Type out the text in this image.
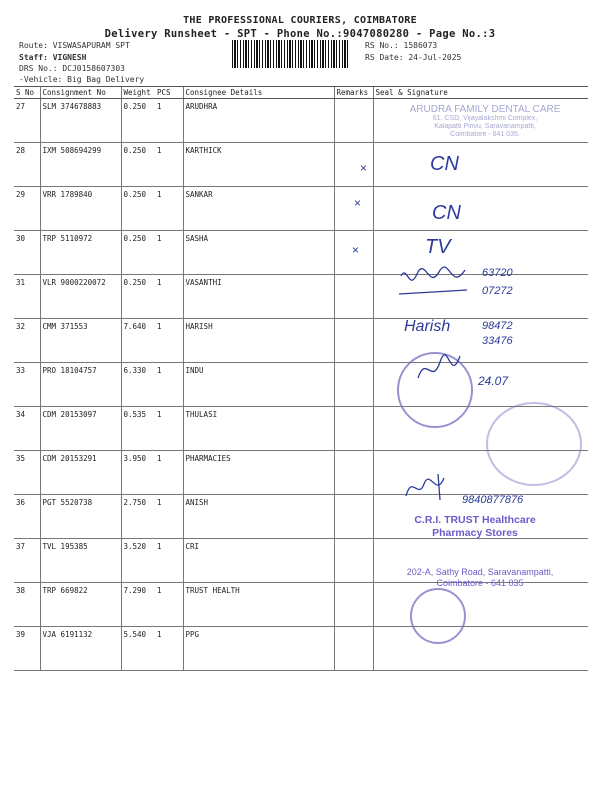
THE PROFESSIONAL COURIERS, COIMBATORE
Delivery Runsheet - SPT - Phone No.:9047080280 - Page No.:3
Route: VISWASAPURAM SPT
Staff: VIGNESH
DRS No.: DCJ0158607303
-Vehicle: Big Bag Delivery
RS No.: 1586073
RS Date: 24-Jul-2025
S No	Consignment No	Weight	PCS	Consignee Details	Remarks	Seal & Signature
27	SLM 374678883	0.250	1	ARUDHRA		
28	IXM 508694299	0.250	1	KARTHICK		
29	VRR 1789840	0.250	1	SANKAR		
30	TRP 5110972	0.250	1	SASHA		
31	VLR 9000220072	0.250	1	VASANTHI		
32	CMM 371553	7.640	1	HARISH		
33	PRO 18104757	6.330	1	INDU		
34	CDM 20153097	0.535	1	THULASI		
35	CDM 20153291	3.950	1	PHARMACIES		
36	PGT 5520738	2.750	1	ANISH		
37	TVL 195385	3.520	1	CRI		
38	TRP 669822	7.290	1	TRUST HEALTH		
39	VJA 6191132	5.540	1	PPG		
ARUDRA FAMILY DENTAL CARE
61, CSD, Vijayalakshmi Complex,
Kalapatti Pirivu, Saravanampatti,
Coimbatore - 641 035.
C.R.I. TRUST Healthcare
Pharmacy Stores
202-A, Sathy Road, Saravanampatti,
Coimbatore - 641 035
×
×
×
CN
CN
TV
63720
07272
Harish	98472
33476
24.07
9840877876
